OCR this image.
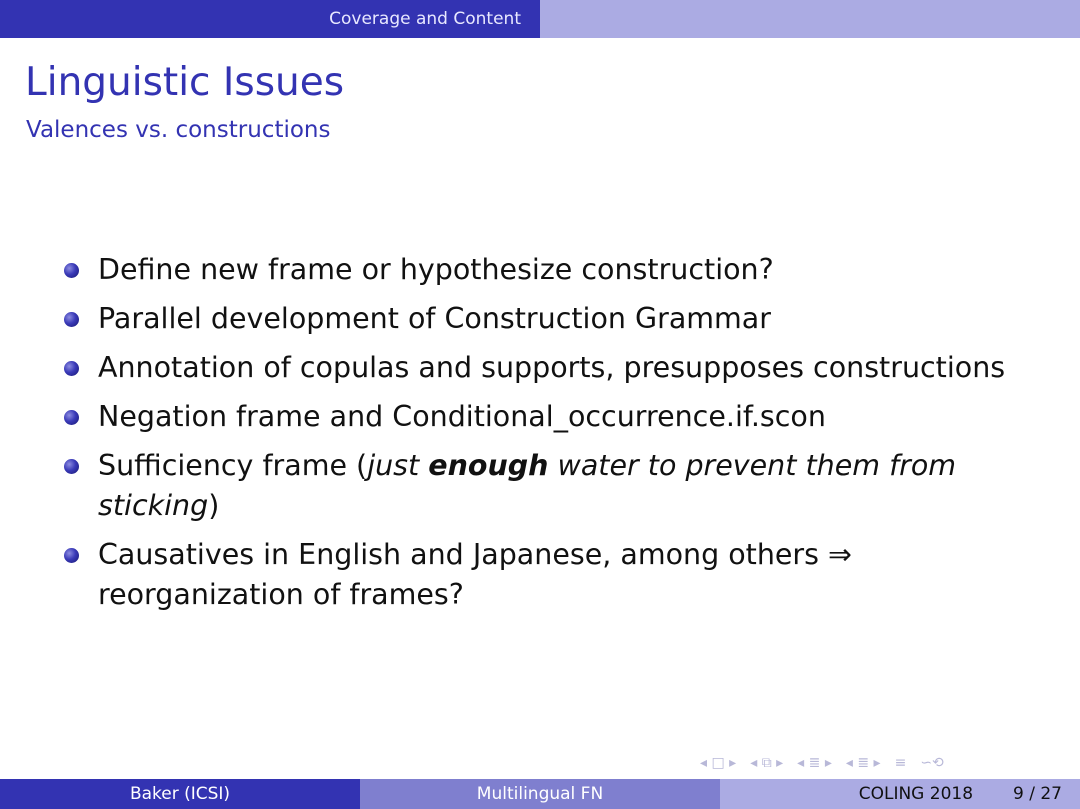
Coverage and Content
Linguistic Issues
Valences vs. constructions
Define new frame or hypothesize construction?
Parallel development of Construction Grammar
Annotation of copulas and supports, presupposes constructions
Negation frame and Conditional_occurrence.if.scon
Sufficiency frame (just enough water to prevent them from sticking)
Causatives in English and Japanese, among others ⇒
reorganization of frames?
◂ □ ▸ ◂ ⧉ ▸ ◂ ≣ ▸ ◂ ≣ ▸ ≡ ∽⟲
Baker (ICSI)	Multilingual FN	COLING 2018 9 / 27
